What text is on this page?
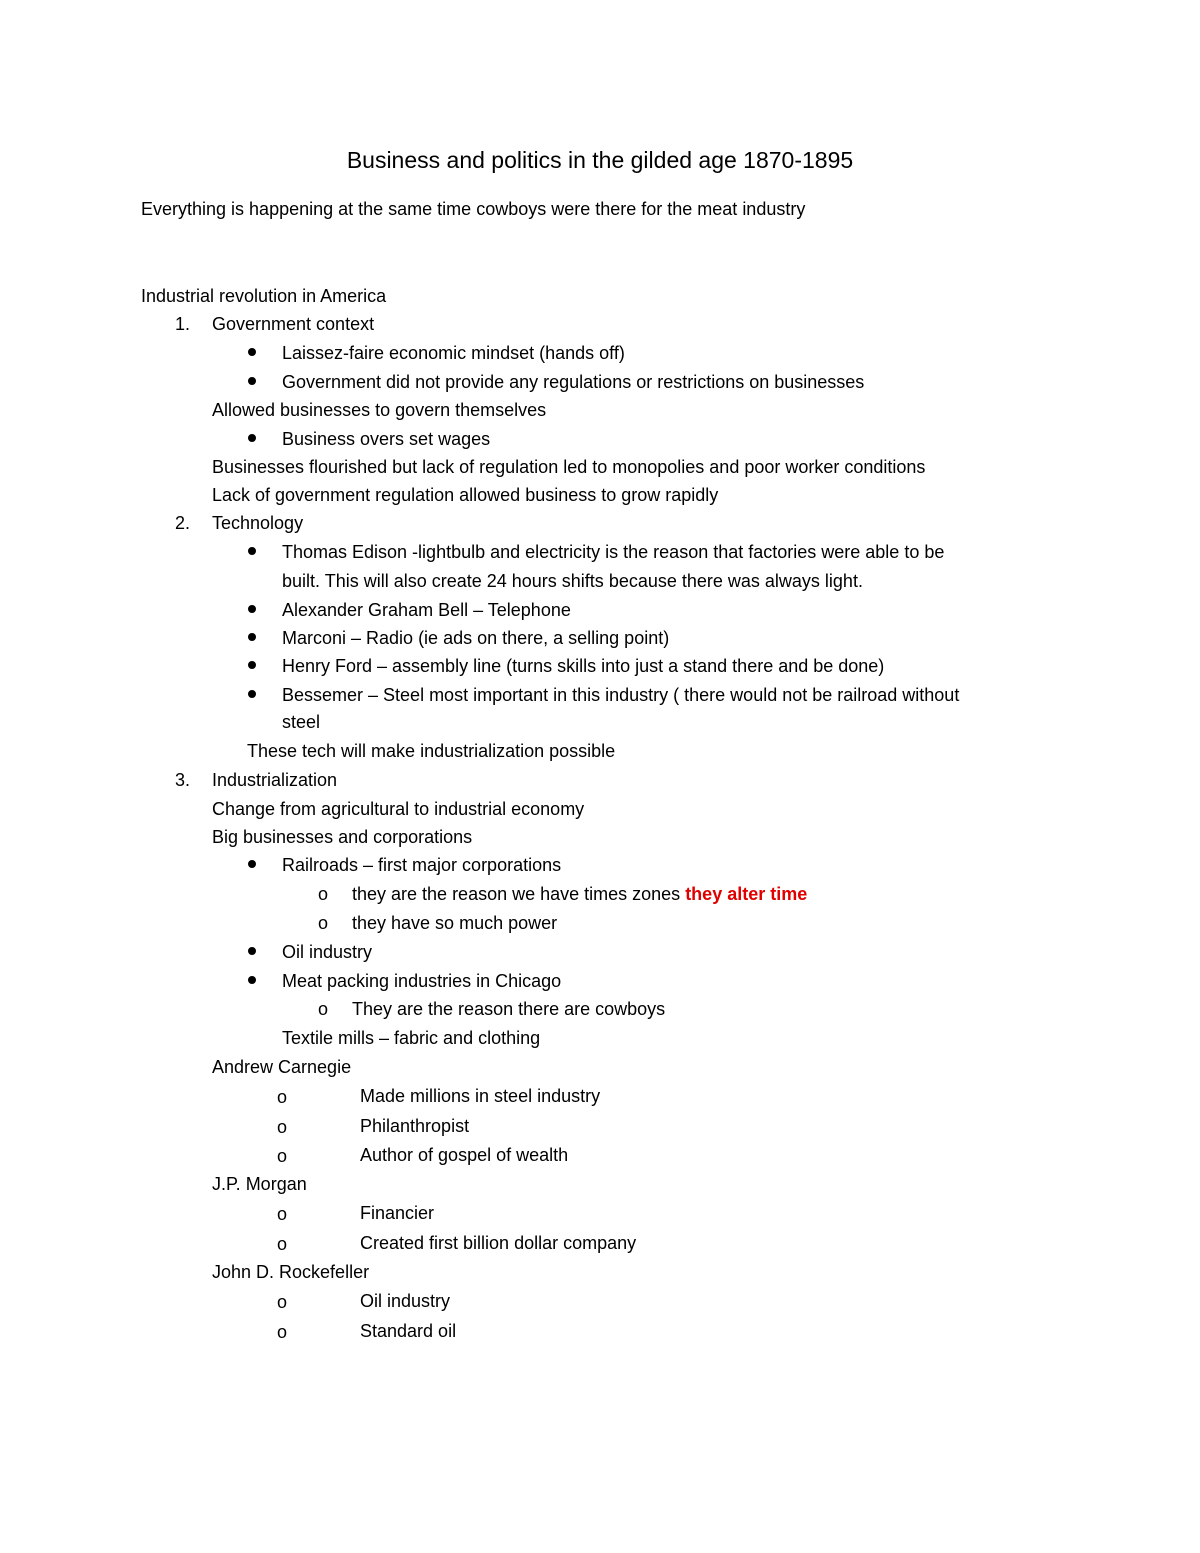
Business and politics in the gilded age 1870-1895
Everything is happening at the same time cowboys were there for the meat industry
Industrial revolution in America
1. Government context
Laissez-faire economic mindset (hands off)
Government did not provide any regulations or restrictions on businesses
Allowed businesses to govern themselves
Business overs set wages
Businesses flourished but lack of regulation led to monopolies and poor worker conditions
Lack of government regulation allowed business to grow rapidly
2. Technology
Thomas Edison -lightbulb and electricity is the reason that factories were able to be
built. This will also create 24 hours shifts because there was always light.
Alexander Graham Bell – Telephone
Marconi – Radio (ie ads on there, a selling point)
Henry Ford – assembly line (turns skills into just a stand there and be done)
Bessemer – Steel most important in this industry ( there would not be railroad without
steel
These tech will make industrialization possible
3. Industrialization
Change from agricultural to industrial economy
Big businesses and corporations
Railroads – first major corporations
o they are the reason we have times zones they alter time
o they have so much power
Oil industry
Meat packing industries in Chicago
o They are the reason there are cowboys
Textile mills – fabric and clothing
Andrew Carnegie
o	Made millions in steel industry
o	Philanthropist
o	Author of gospel of wealth
J.P. Morgan
o	Financier
o	Created first billion dollar company
John D. Rockefeller
o	Oil industry
o	Standard oil
